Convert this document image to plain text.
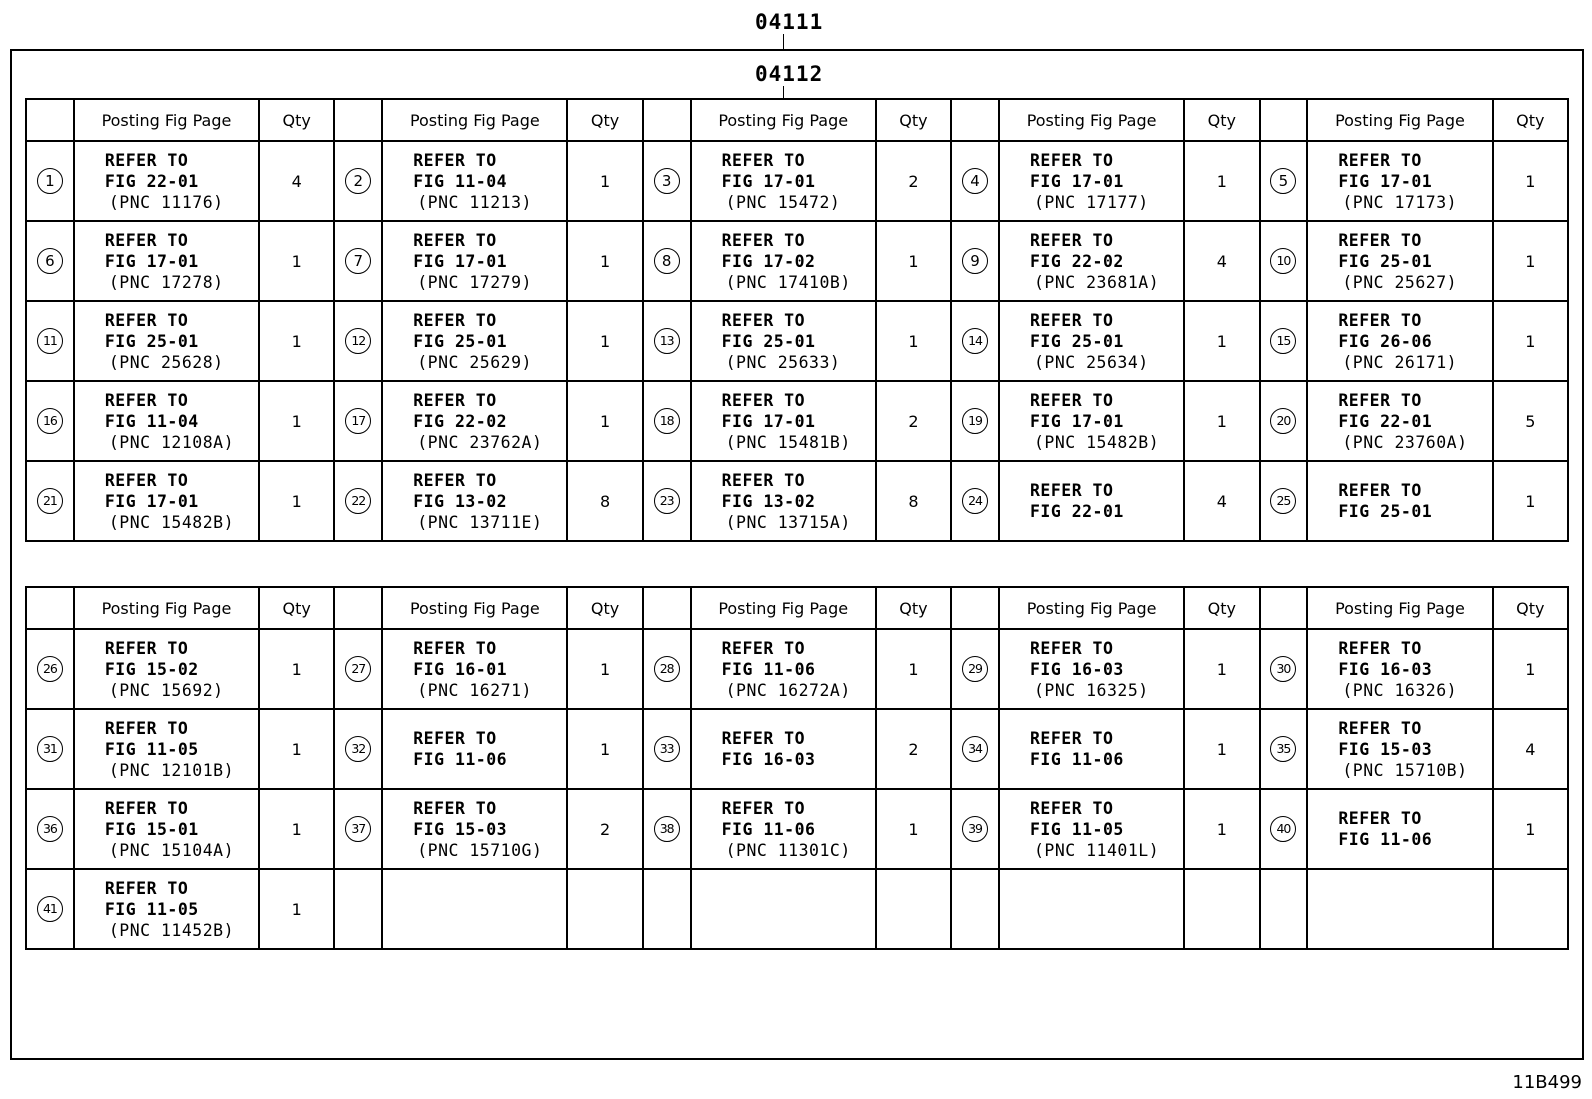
04111
04112
	Posting Fig Page	Qty		Posting Fig Page	Qty		Posting Fig Page	Qty		Posting Fig Page	Qty		Posting Fig Page	Qty
1	REFER TO
FIG 22-01
(PNC 11176)	4	2	REFER TO
FIG 11-04
(PNC 11213)	1	3	REFER TO
FIG 17-01
(PNC 15472)	2	4	REFER TO
FIG 17-01
(PNC 17177)	1	5	REFER TO
FIG 17-01
(PNC 17173)	1
6	REFER TO
FIG 17-01
(PNC 17278)	1	7	REFER TO
FIG 17-01
(PNC 17279)	1	8	REFER TO
FIG 17-02
(PNC 17410B)	1	9	REFER TO
FIG 22-02
(PNC 23681A)	4	10	REFER TO
FIG 25-01
(PNC 25627)	1
11	REFER TO
FIG 25-01
(PNC 25628)	1	12	REFER TO
FIG 25-01
(PNC 25629)	1	13	REFER TO
FIG 25-01
(PNC 25633)	1	14	REFER TO
FIG 25-01
(PNC 25634)	1	15	REFER TO
FIG 26-06
(PNC 26171)	1
16	REFER TO
FIG 11-04
(PNC 12108A)	1	17	REFER TO
FIG 22-02
(PNC 23762A)	1	18	REFER TO
FIG 17-01
(PNC 15481B)	2	19	REFER TO
FIG 17-01
(PNC 15482B)	1	20	REFER TO
FIG 22-01
(PNC 23760A)	5
21	REFER TO
FIG 17-01
(PNC 15482B)	1	22	REFER TO
FIG 13-02
(PNC 13711E)	8	23	REFER TO
FIG 13-02
(PNC 13715A)	8	24	REFER TO
FIG 22-01	4	25	REFER TO
FIG 25-01	1
	Posting Fig Page	Qty		Posting Fig Page	Qty		Posting Fig Page	Qty		Posting Fig Page	Qty		Posting Fig Page	Qty
26	REFER TO
FIG 15-02
(PNC 15692)	1	27	REFER TO
FIG 16-01
(PNC 16271)	1	28	REFER TO
FIG 11-06
(PNC 16272A)	1	29	REFER TO
FIG 16-03
(PNC 16325)	1	30	REFER TO
FIG 16-03
(PNC 16326)	1
31	REFER TO
FIG 11-05
(PNC 12101B)	1	32	REFER TO
FIG 11-06	1	33	REFER TO
FIG 16-03	2	34	REFER TO
FIG 11-06	1	35	REFER TO
FIG 15-03
(PNC 15710B)	4
36	REFER TO
FIG 15-01
(PNC 15104A)	1	37	REFER TO
FIG 15-03
(PNC 15710G)	2	38	REFER TO
FIG 11-06
(PNC 11301C)	1	39	REFER TO
FIG 11-05
(PNC 11401L)	1	40	REFER TO
FIG 11-06	1
41	REFER TO
FIG 11-05
(PNC 11452B)	1												
11B499
